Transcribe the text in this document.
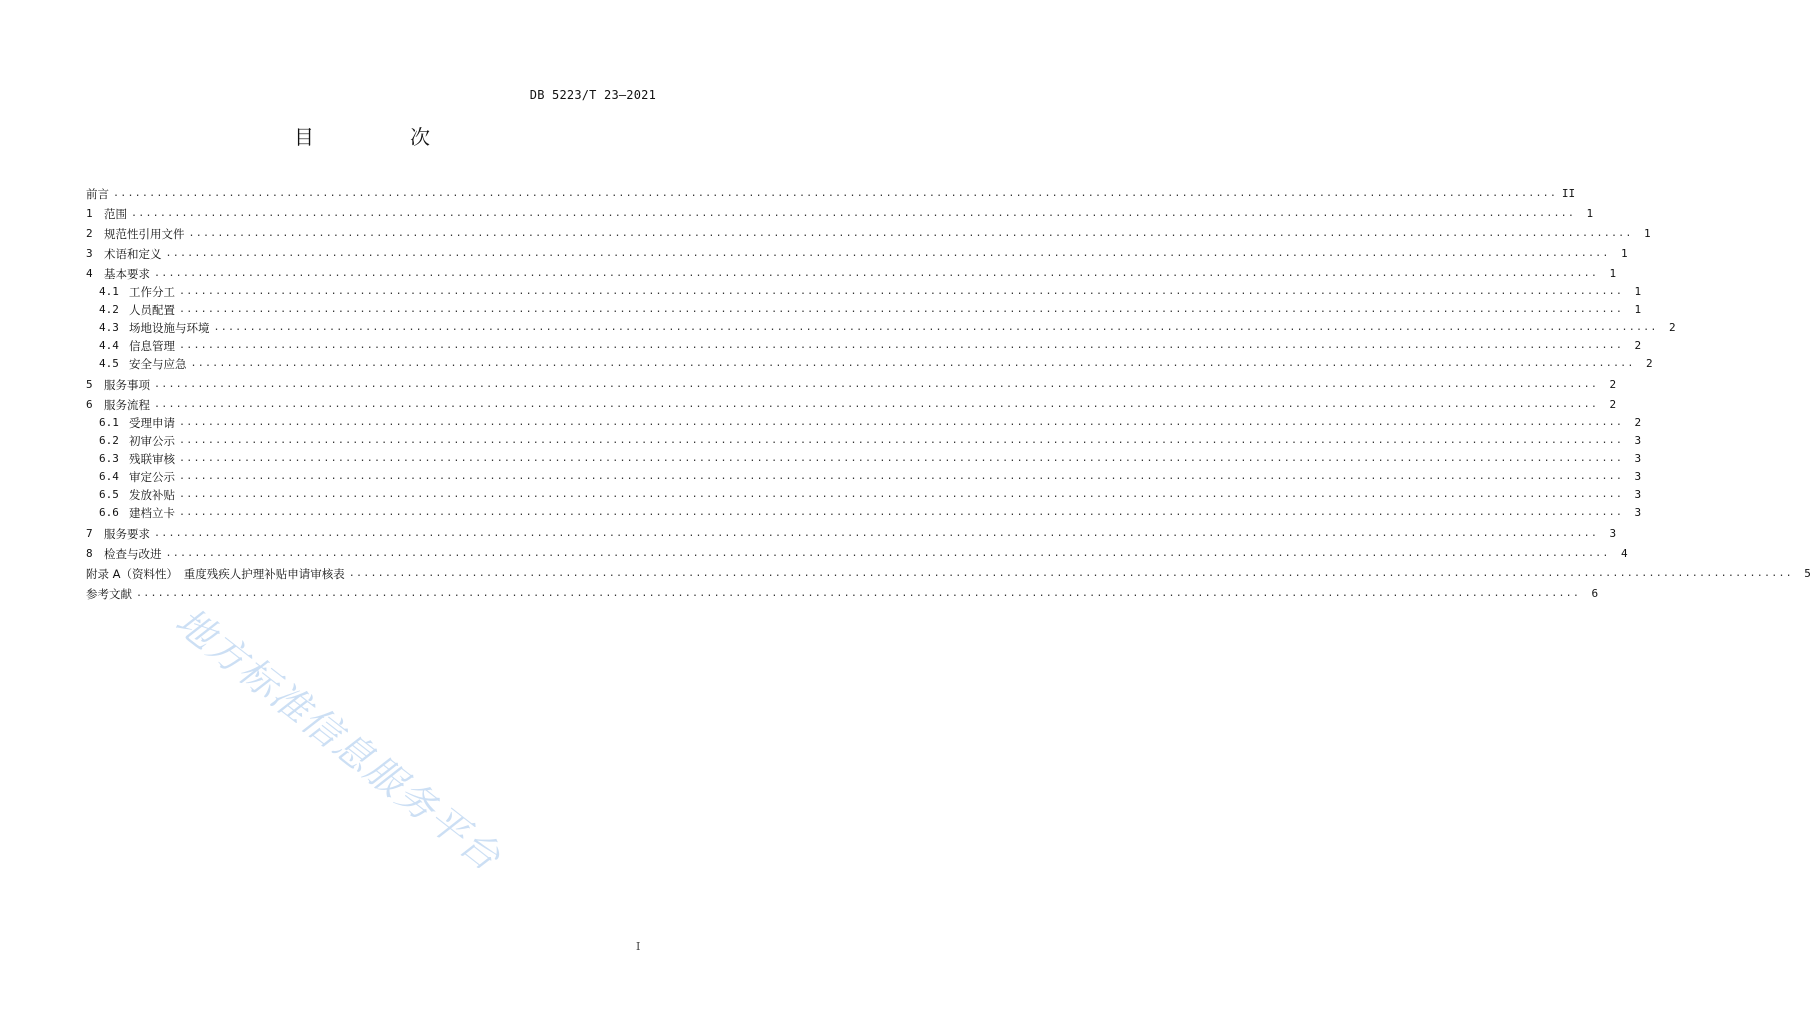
DB 5223/T 23—2021
目　次
前言 ........................................................................................................................................................................................................ II
1 范围 ........................................................................................................................................................................................................	1
2 规范性引用文件 ........................................................................................................................................................................................................	1
3 术语和定义 ........................................................................................................................................................................................................	1
4 基本要求 ........................................................................................................................................................................................................	1
4.1 工作分工 ........................................................................................................................................................................................................	1
4.2 人员配置 ........................................................................................................................................................................................................	1
4.3 场地设施与环境 ........................................................................................................................................................................................................	2
4.4 信息管理 ........................................................................................................................................................................................................	2
4.5 安全与应急 ........................................................................................................................................................................................................	2
5 服务事项 ........................................................................................................................................................................................................	2
6 服务流程 ........................................................................................................................................................................................................	2
6.1 受理申请 ........................................................................................................................................................................................................	2
6.2 初审公示 ........................................................................................................................................................................................................	3
6.3 残联审核 ........................................................................................................................................................................................................	3
6.4 审定公示 ........................................................................................................................................................................................................	3
6.5 发放补贴 ........................................................................................................................................................................................................	3
6.6 建档立卡 ........................................................................................................................................................................................................	3
7 服务要求 ........................................................................................................................................................................................................	3
8 检查与改进 ........................................................................................................................................................................................................	4
附录 A（资料性）　重度残疾人护理补贴申请审核表 ........................................................................................................................................................................................................	5
参考文献 ........................................................................................................................................................................................................	6
地方标准信息服务平台
I
